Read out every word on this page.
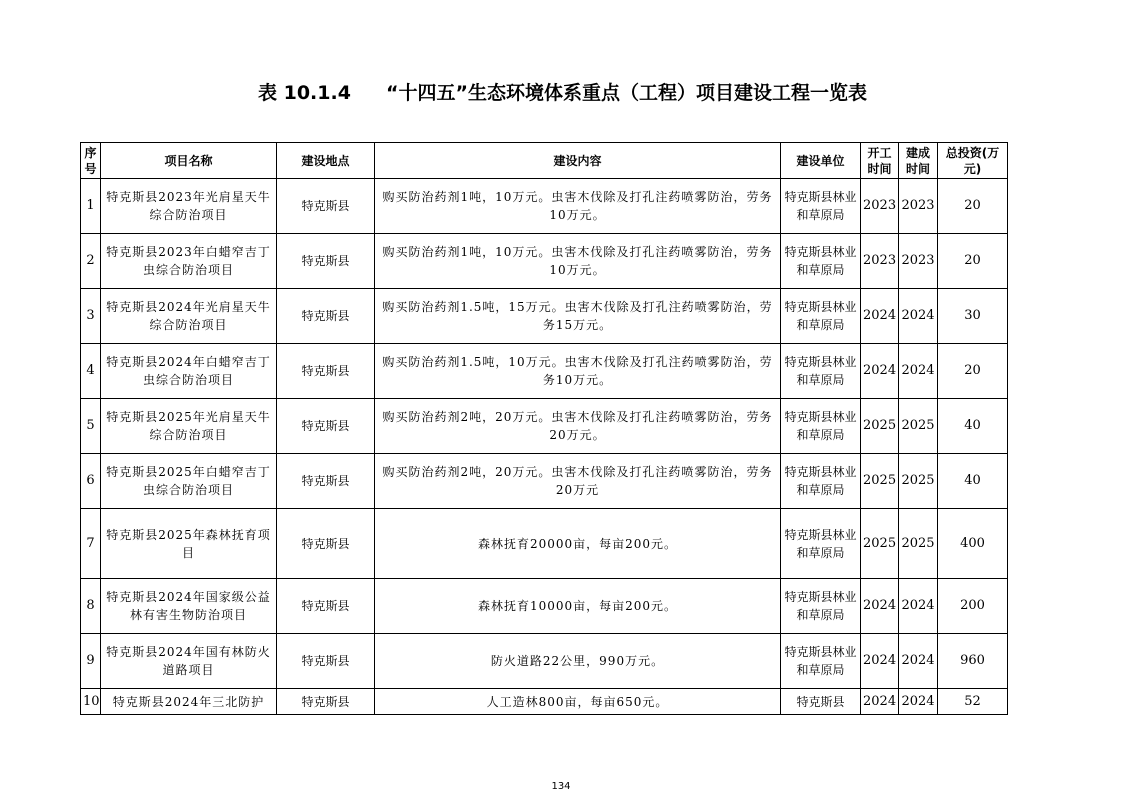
表 10.1.4 “十四五”生态环境体系重点（工程）项目建设工程一览表
序号	项目名称	建设地点	建设内容	建设单位	开工时间	建成时间	总投资(万元)
1	特克斯县2023年光肩星天牛综合防治项目	特克斯县	购买防治药剂1吨，10万元。虫害木伐除及打孔注药喷雾防治，劳务10万元。	特克斯县林业和草原局	2023	2023	20
2	特克斯县2023年白蜡窄吉丁虫综合防治项目	特克斯县	购买防治药剂1吨，10万元。虫害木伐除及打孔注药喷雾防治，劳务10万元。	特克斯县林业和草原局	2023	2023	20
3	特克斯县2024年光肩星天牛综合防治项目	特克斯县	购买防治药剂1.5吨，15万元。虫害木伐除及打孔注药喷雾防治，劳务15万元。	特克斯县林业和草原局	2024	2024	30
4	特克斯县2024年白蜡窄吉丁虫综合防治项目	特克斯县	购买防治药剂1.5吨，10万元。虫害木伐除及打孔注药喷雾防治，劳务10万元。	特克斯县林业和草原局	2024	2024	20
5	特克斯县2025年光肩星天牛综合防治项目	特克斯县	购买防治药剂2吨，20万元。虫害木伐除及打孔注药喷雾防治，劳务20万元。	特克斯县林业和草原局	2025	2025	40
6	特克斯县2025年白蜡窄吉丁虫综合防治项目	特克斯县	购买防治药剂2吨，20万元。虫害木伐除及打孔注药喷雾防治，劳务20万元	特克斯县林业和草原局	2025	2025	40
7	特克斯县2025年森林抚育项目	特克斯县	森林抚育20000亩，每亩200元。	特克斯县林业和草原局	2025	2025	400
8	特克斯县2024年国家级公益林有害生物防治项目	特克斯县	森林抚育10000亩，每亩200元。	特克斯县林业和草原局	2024	2024	200
9	特克斯县2024年国有林防火道路项目	特克斯县	防火道路22公里，990万元。	特克斯县林业和草原局	2024	2024	960
10	特克斯县2024年三北防护	特克斯县	人工造林800亩，每亩650元。	特克斯县	2024	2024	52
134
